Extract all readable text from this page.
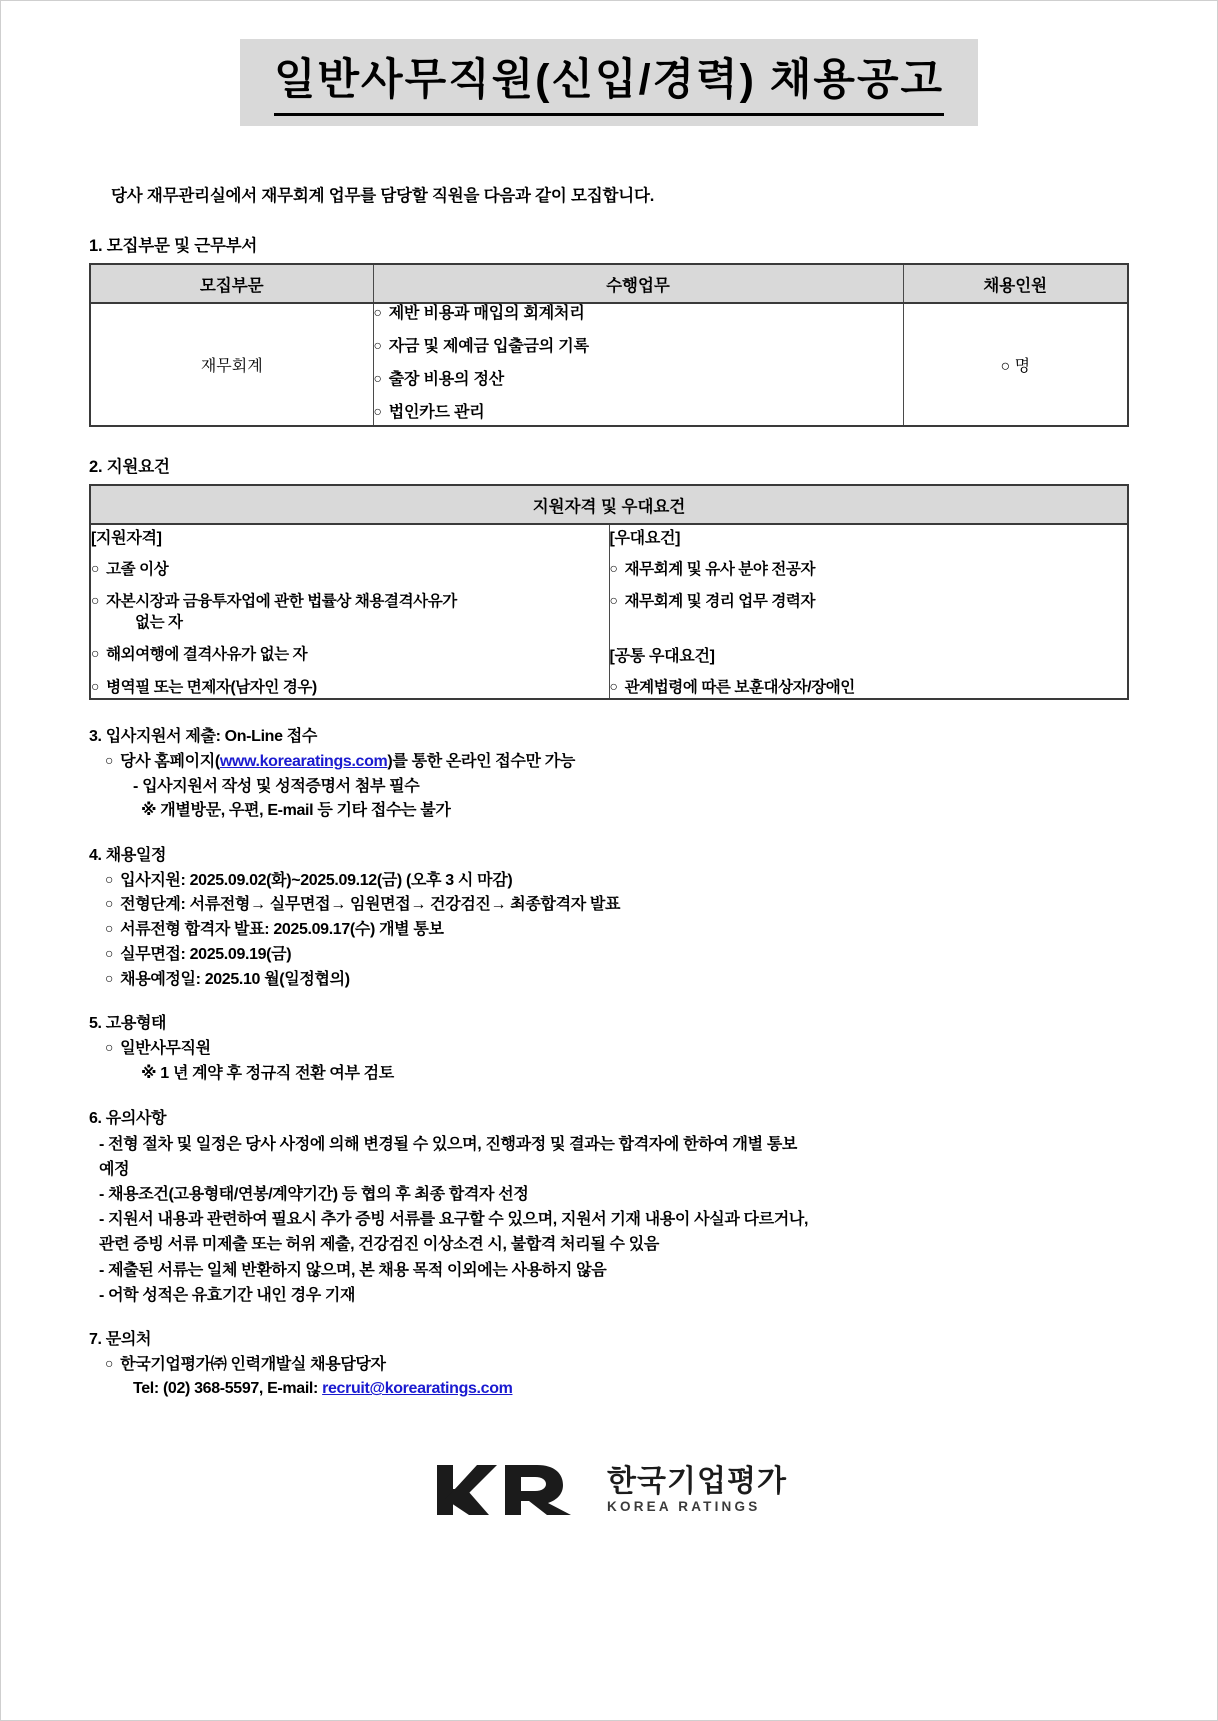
일반사무직원(신입/경력) 채용공고
당사 재무관리실에서 재무회계 업무를 담당할 직원을 다음과 같이 모집합니다.
1. 모집부문 및 근무부서
모집부문	수행업무	채용인원
재무회계	○ 제반 비용과 매입의 회계처리
○ 자금 및 제예금 입출금의 기록
○ 출장 비용의 정산
○ 법인카드 관리	○ 명
2. 지원요건
지원자격 및 우대요건

[지원자격]
○ 고졸 이상
○ 자본시장과 금융투자업에 관한 법률상 채용결격사유가
없는 자
○ 해외여행에 결격사유가 없는 자
○ 병역필 또는 면제자(남자인 경우)

[우대요건]
○ 재무회계 및 유사 분야 전공자
○ 재무회계 및 경리 업무 경력자
[공통 우대요건]
○ 관계법령에 따른 보훈대상자/장애인
3. 입사지원서 제출: On-Line 접수
○ 당사 홈페이지(www.korearatings.com)를 통한 온라인 접수만 가능
- 입사지원서 작성 및 성적증명서 첨부 필수
※ 개별방문, 우편, E-mail 등 기타 접수는 불가
4. 채용일정
○ 입사지원: 2025.09.02(화)~2025.09.12(금) (오후 3 시 마감)
○ 전형단계: 서류전형→ 실무면접→ 임원면접→ 건강검진→ 최종합격자 발표
○ 서류전형 합격자 발표: 2025.09.17(수) 개별 통보
○ 실무면접: 2025.09.19(금)
○ 채용예정일: 2025.10 월(일정협의)
5. 고용형태
○ 일반사무직원
※ 1 년 계약 후 정규직 전환 여부 검토
6. 유의사항
- 전형 절차 및 일정은 당사 사정에 의해 변경될 수 있으며, 진행과정 및 결과는 합격자에 한하여 개별 통보
예정
- 채용조건(고용형태/연봉/계약기간) 등 협의 후 최종 합격자 선정
- 지원서 내용과 관련하여 필요시 추가 증빙 서류를 요구할 수 있으며, 지원서 기재 내용이 사실과 다르거나,
관련 증빙 서류 미제출 또는 허위 제출, 건강검진 이상소견 시, 불합격 처리될 수 있음
- 제출된 서류는 일체 반환하지 않으며, 본 채용 목적 이외에는 사용하지 않음
- 어학 성적은 유효기간 내인 경우 기재
7. 문의처
○ 한국기업평가㈜ 인력개발실 채용담당자
Tel: (02) 368-5597, E-mail: recruit@korearatings.com
한국기업평가
KOREA RATINGS
